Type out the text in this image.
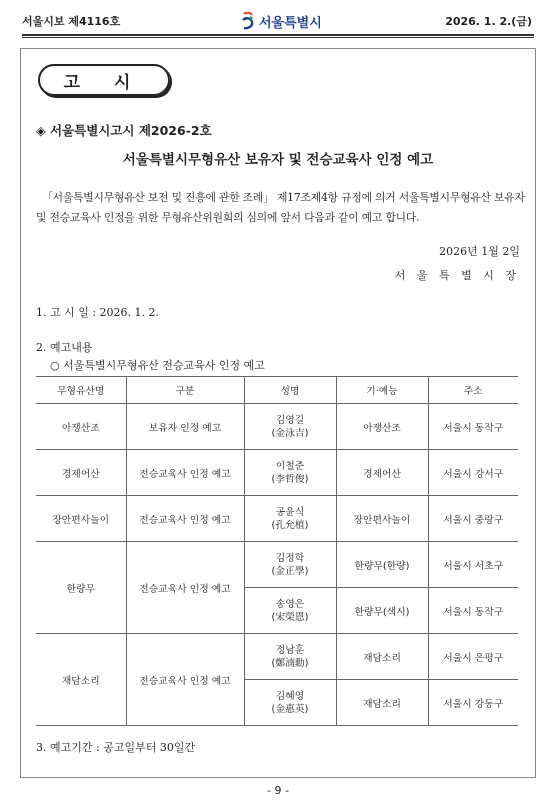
서울시보 제4116호	서울특별시	2026. 1. 2.(금)
고 시
◈ 서울특별시고시 제2026-2호
서울특별시무형유산 보유자 및 전승교육사 인정 예고
「서울특별시무형유산 보전 및 진흥에 관한 조례」 제17조제4항 규정에 의거 서울특별시무형유산 보유자 및 전승교육사 인정을 위한 무형유산위원회의 심의에 앞서 다음과 같이 예고 합니다.
2026년 1월 2일
서 울 특 별 시 장
1. 고 시 일 : 2026. 1. 2.
2. 예고내용
○ 서울특별시무형유산 전승교육사 인정 예고
무형유산명	구분	성명	기·예능	주소
아쟁산조	보유자 인정 예고	김영길
(金泳吉)	아쟁산조	서울시 동작구
경제어산	전승교육사 인정 예고	이철준
(李哲俊)	경제어산	서울시 강서구
장안편사놀이	전승교육사 인정 예고	공윤식
(孔允植)	장안편사놀이	서울시 중랑구
한량무	전승교육사 인정 예고	김정학
(金正學)	한량무(한량)	서울시 서초구

		송영은
(宋榮恩)	한량무(색시)	서울시 동작구
재담소리	전승교육사 인정 예고	정남훈
(鄭湳勳)	재담소리	서울시 은평구

		김혜영
(金惠英)	재담소리	서울시 강동구
3. 예고기간 : 공고일부터 30일간
- 9 -
